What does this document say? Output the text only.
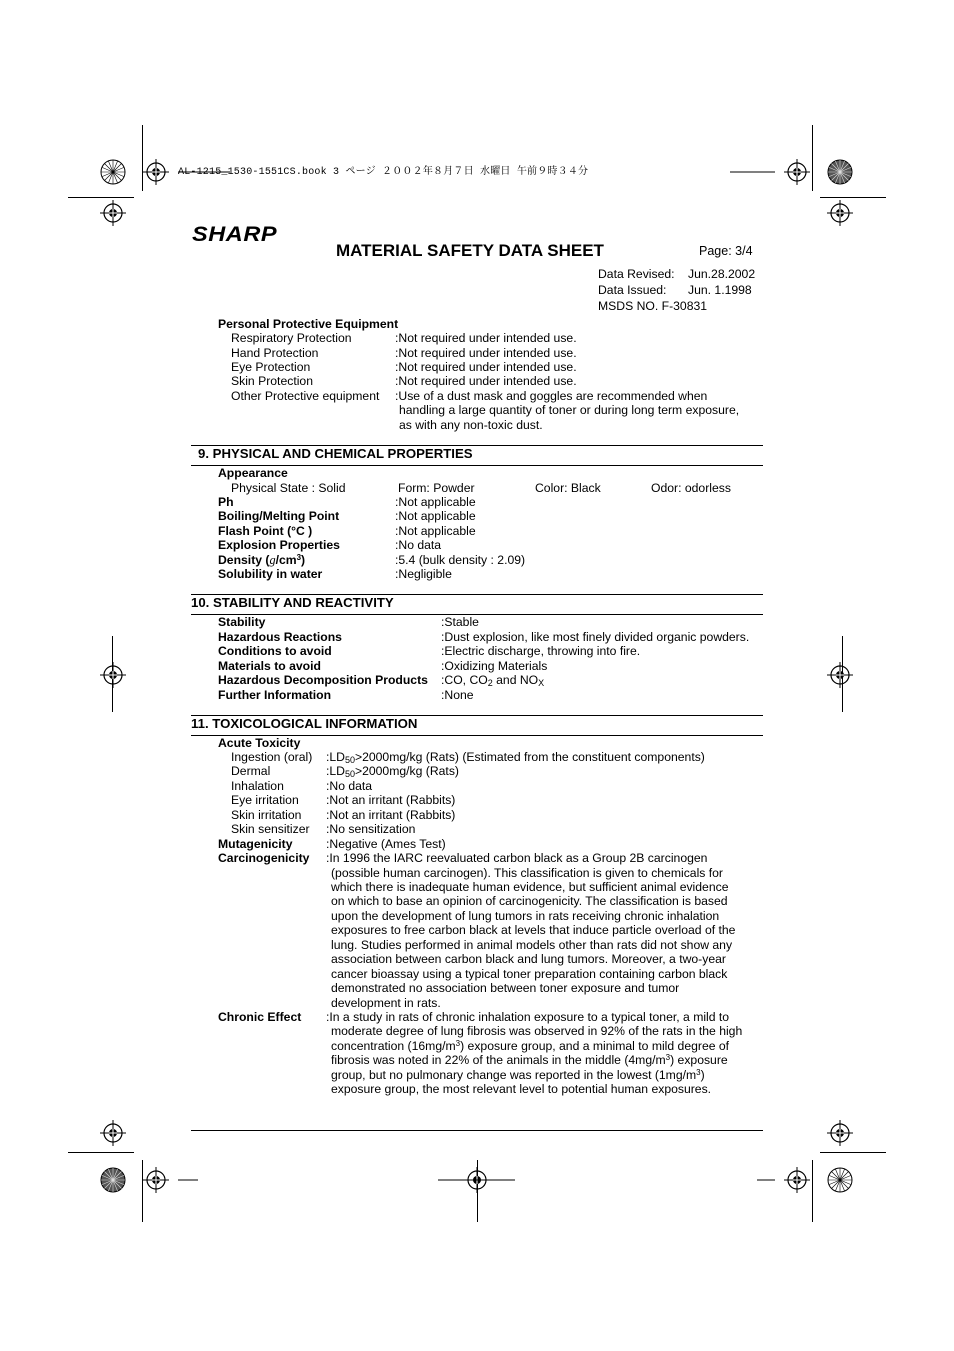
AL-1215_1530-1551CS.book 3 ページ ２００２年８月７日 水曜日 午前９時３４分
SHARP
MATERIAL SAFETY DATA SHEET	Page: 3/4
Data Revised: Jun.28.2002
Data Issued: Jun. 1.1998
MSDS NO. F-30831
Personal Protective Equipment
Respiratory Protection	:Not required under intended use.
Hand Protection	:Not required under intended use.
Eye Protection	:Not required under intended use.
Skin Protection	:Not required under intended use.
Other Protective equipment :Use of a dust mask and goggles are recommended when
handling a large quantity of toner or during long term exposure,
as with any non-toxic dust.
9. PHYSICAL AND CHEMICAL PROPERTIES
Appearance
Physical State : Solid	Form: Powder	Color: Black	Odor: odorless
Ph	:Not applicable
Boiling/Melting Point	:Not applicable
Flash Point (°C )	:Not applicable
Explosion Properties	:No data
Density $(g/cm^3)$	:5.4 (bulk density : 2.09)
Solubility in water	:Negligible
10. STABILITY AND REACTIVITY
Stability	:Stable
Hazardous Reactions	:Dust explosion, like most finely divided organic powders.
Conditions to avoid	:Electric discharge, throwing into fire.
Materials to avoid	:Oxidizing Materials
Hazardous Decomposition Products :CO, $CO_2$ and $NO_X$
Further Information	:None
11. TOXICOLOGICAL INFORMATION
Acute Toxicity
Ingestion (oral) $:LD_{50}>2000mg/kg$ (Rats) (Estimated from the constituent components)
Dermal	$:LD_{50}>2000mg/kg$ (Rats)
Inhalation	:No data
Eye irritation :Not an irritant (Rabbits)
Skin irritation :Not an irritant (Rabbits)
Skin sensitizer :No sensitization
Mutagenicity	:Negative (Ames Test)
Carcinogenicity :In 1996 the IARC reevaluated carbon black as a Group 2B carcinogen
(possible human carcinogen). This classification is given to chemicals for
which there is inadequate human evidence, but sufficient animal evidence
on which to base an opinion of carcinogenicity. The classification is based
upon the development of lung tumors in rats receiving chronic inhalation
exposures to free carbon black at levels that induce particle overload of the
lung. Studies performed in animal models other than rats did not show any
association between carbon black and lung tumors. Moreover, a two-year
cancer bioassay using a typical toner preparation containing carbon black
demonstrated no association between toner exposure and tumor
development in rats.
Chronic Effect :In a study in rats of chronic inhalation exposure to a typical toner, a mild to
moderate degree of lung fibrosis was observed in 92% of the rats in the high
concentration $(16mg/m^3)$ exposure group, and a minimal to mild degree of
fibrosis was noted in 22% of the animals in the middle $(4mg/m^3)$ exposure
group, but no pulmonary change was reported in the lowest $(1mg/m^3)$
exposure group, the most relevant level to potential human exposures.
